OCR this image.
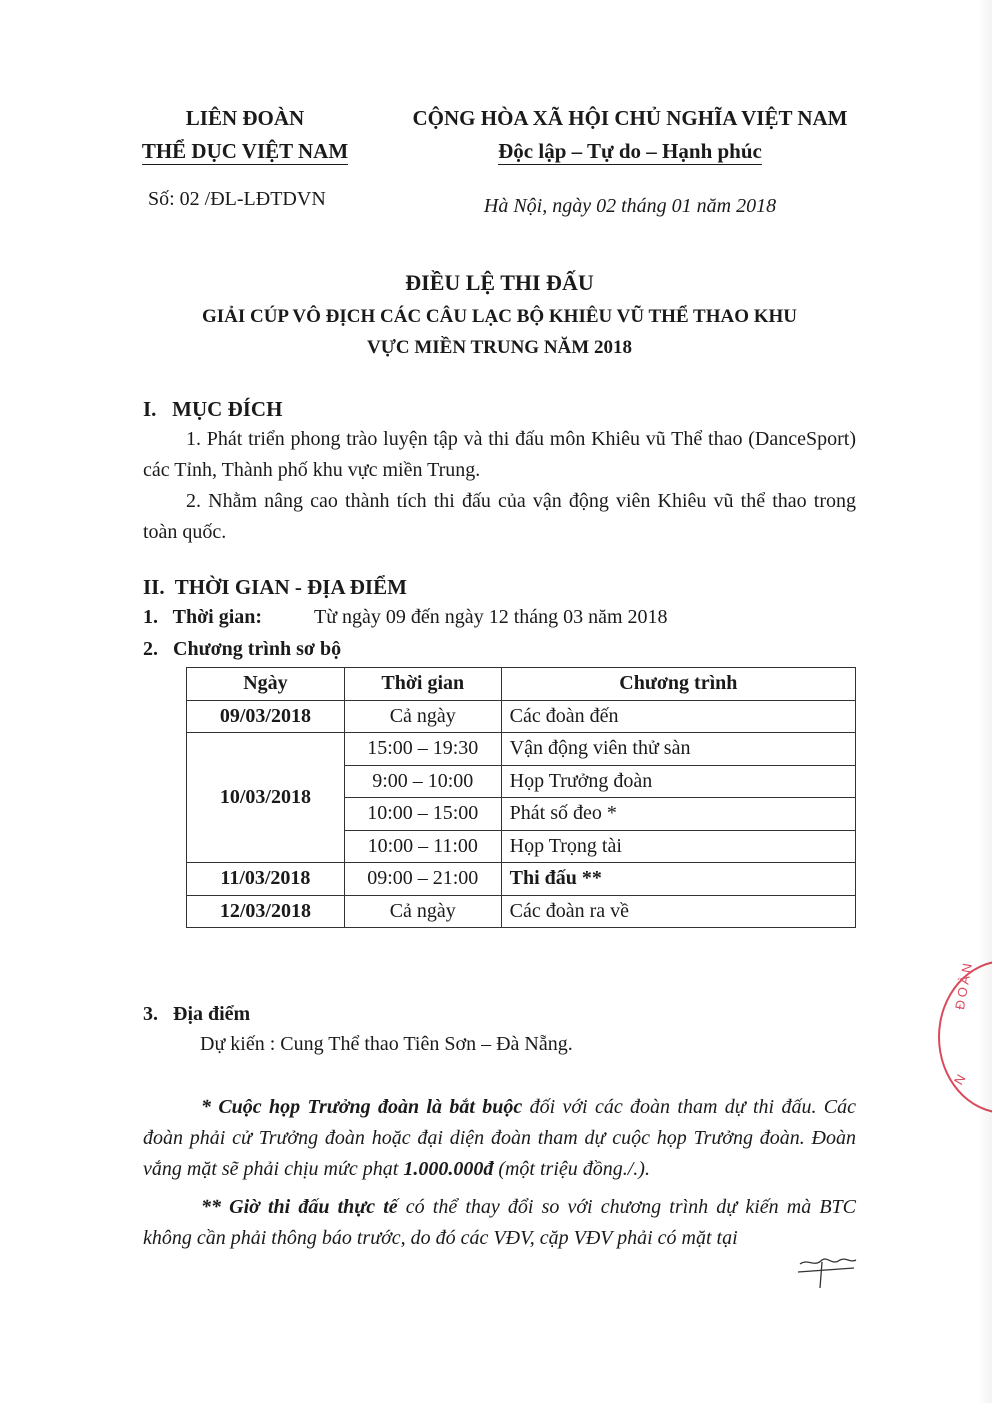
LIÊN ĐOÀN
THỂ DỤC VIỆT NAM
Số: 02 /ĐL-LĐTDVN
CỘNG HÒA XÃ HỘI CHỦ NGHĨA VIỆT NAM
Độc lập – Tự do – Hạnh phúc
Hà Nội, ngày 02 tháng 01 năm 2018
ĐIỀU LỆ THI ĐẤU
GIẢI CÚP VÔ ĐỊCH CÁC CÂU LẠC BỘ KHIÊU VŨ THỂ THAO KHU
VỰC MIỀN TRUNG NĂM 2018
I.   MỤC ĐÍCH
1. Phát triển phong trào luyện tập và thi đấu môn Khiêu vũ Thể thao (DanceSport) các Tỉnh, Thành phố khu vực miền Trung.
2. Nhằm nâng cao thành tích thi đấu của vận động viên Khiêu vũ thể thao trong toàn quốc.
II.  THỜI GIAN - ĐỊA ĐIỂM
1.   Thời gian:	Từ ngày 09 đến ngày 12 tháng 03 năm 2018
2.   Chương trình sơ bộ
Ngày	Thời gian	Chương trình
09/03/2018	Cả ngày	Các đoàn đến
10/03/2018	15:00 – 19:30	Vận động viên thử sàn
	9:00 – 10:00	Họp Trưởng đoàn
	10:00 – 15:00	Phát số đeo *
	10:00 – 11:00	Họp Trọng tài
11/03/2018	09:00 – 21:00	Thi đấu **
12/03/2018	Cả ngày	Các đoàn ra về
3.   Địa điểm
Dự kiến : Cung Thể thao Tiên Sơn – Đà Nẵng.
* Cuộc họp Trưởng đoàn là bắt buộc đối với các đoàn tham dự thi đấu. Các đoàn phải cử Trưởng đoàn hoặc đại diện đoàn tham dự cuộc họp Trưởng đoàn. Đoàn vắng mặt sẽ phải chịu mức phạt 1.000.000đ (một triệu đồng./.).
** Giờ thi đấu thực tế có thể thay đổi so với chương trình dự kiến mà BTC không cần phải thông báo trước, do đó các VĐV, cặp VĐV phải có mặt tại
ĐOÀN
N
